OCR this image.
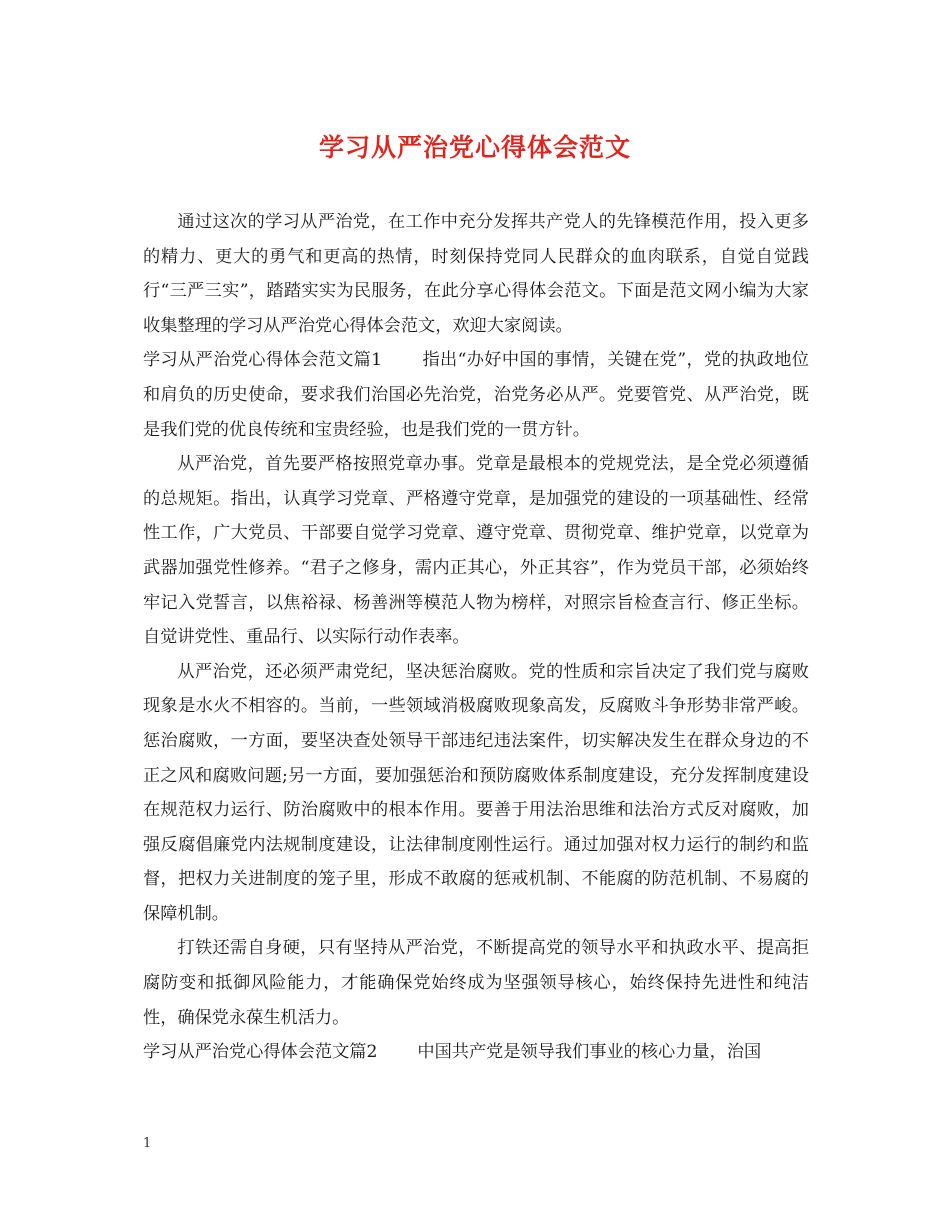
学习从严治党心得体会范文

通过这次的学习从严治党，在工作中充分发挥共产党人的先锋模范作用，投入更多的精力、更大的勇气和更高的热情，时刻保持党同人民群众的血肉联系，自觉自觉践行“三严三实”，踏踏实实为民服务，在此分享心得体会范文。下面是范文网小编为大家收集整理的学习从严治党心得体会范文，欢迎大家阅读。

学习从严治党心得体会范文篇1 指出“办好中国的事情，关键在党”，党的执政地位和肩负的历史使命，要求我们治国必先治党，治党务必从严。党要管党、从严治党，既是我们党的优良传统和宝贵经验，也是我们党的一贯方针。

从严治党，首先要严格按照党章办事。党章是最根本的党规党法，是全党必须遵循的总规矩。指出，认真学习党章、严格遵守党章，是加强党的建设的一项基础性、经常性工作，广大党员、干部要自觉学习党章、遵守党章、贯彻党章、维护党章，以党章为武器加强党性修养。“君子之修身，需内正其心，外正其容”，作为党员干部，必须始终牢记入党誓言，以焦裕禄、杨善洲等模范人物为榜样，对照宗旨检查言行、修正坐标。自觉讲党性、重品行、以实际行动作表率。

从严治党，还必须严肃党纪，坚决惩治腐败。党的性质和宗旨决定了我们党与腐败现象是水火不相容的。当前，一些领域消极腐败现象高发，反腐败斗争形势非常严峻。惩治腐败，一方面，要坚决查处领导干部违纪违法案件，切实解决发生在群众身边的不正之风和腐败问题;另一方面，要加强惩治和预防腐败体系制度建设，充分发挥制度建设在规范权力运行、防治腐败中的根本作用。要善于用法治思维和法治方式反对腐败，加强反腐倡廉党内法规制度建设，让法律制度刚性运行。通过加强对权力运行的制约和监督，把权力关进制度的笼子里，形成不敢腐的惩戒机制、不能腐的防范机制、不易腐的保障机制。

打铁还需自身硬，只有坚持从严治党，不断提高党的领导水平和执政水平、提高拒腐防变和抵御风险能力，才能确保党始终成为坚强领导核心，始终保持先进性和纯洁性，确保党永葆生机活力。

学习从严治党心得体会范文篇2 中国共产党是领导我们事业的核心力量，治国

1
